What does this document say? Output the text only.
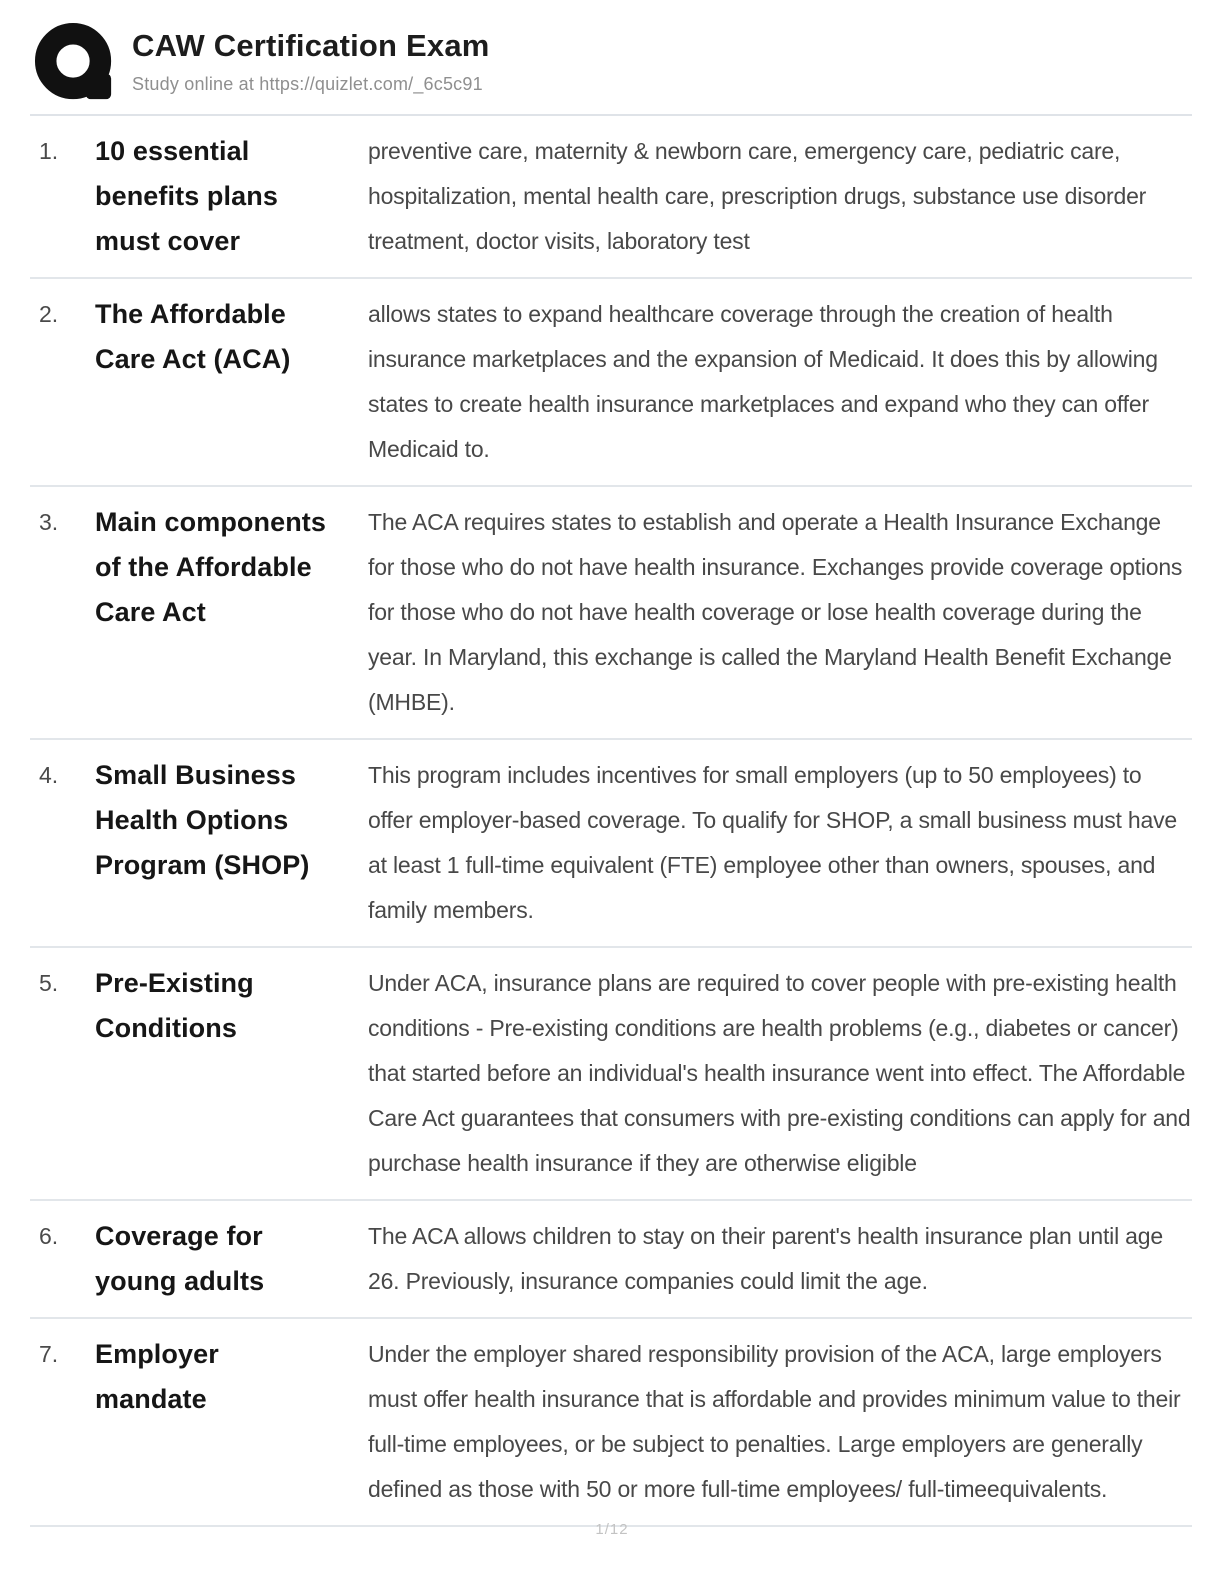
CAW Certification Exam
Study online at https://quizlet.com/_6c5c91
1.	10 essential benefits plans must cover
preventive care, maternity & newborn care, emergency care, pediatric care, hospitalization, mental health care, prescription drugs, substance use disorder treatment, doctor visits, laboratory test
2.	The Affordable Care Act (ACA)
allows states to expand healthcare coverage through the creation of health insurance marketplaces and the expansion of Medicaid. It does this by allowing states to create health insurance marketplaces and expand who they can offer Medicaid to.
3.	Main components of the Affordable Care Act
The ACA requires states to establish and operate a Health Insurance Exchange for those who do not have health insurance. Exchanges provide coverage options for those who do not have health coverage or lose health coverage during the year. In Maryland, this exchange is called the Maryland Health Benefit Exchange (MHBE).
4.	Small Business Health Options Program (SHOP)
This program includes incentives for small employers (up to 50 employees) to offer employer-based coverage. To qualify for SHOP, a small business must have at least 1 full-time equivalent (FTE) employee other than owners, spouses, and family members.
5.	Pre-Existing Conditions
Under ACA, insurance plans are required to cover people with pre-existing health conditions - Pre-existing conditions are health problems (e.g., diabetes or cancer) that started before an individual's health insurance went into effect. The Affordable Care Act guarantees that consumers with pre-existing conditions can apply for and purchase health insurance if they are otherwise eligible
6.	Coverage for young adults
The ACA allows children to stay on their parent's health insurance plan until age 26. Previously, insurance companies could limit the age.
7.	Employer mandate
Under the employer shared responsibility provision of the ACA, large employers must offer health insurance that is affordable and provides minimum value to their full-time employees, or be subject to penalties. Large employers are generally defined as those with 50 or more full-time employees/ full-timeequivalents.
1/12
